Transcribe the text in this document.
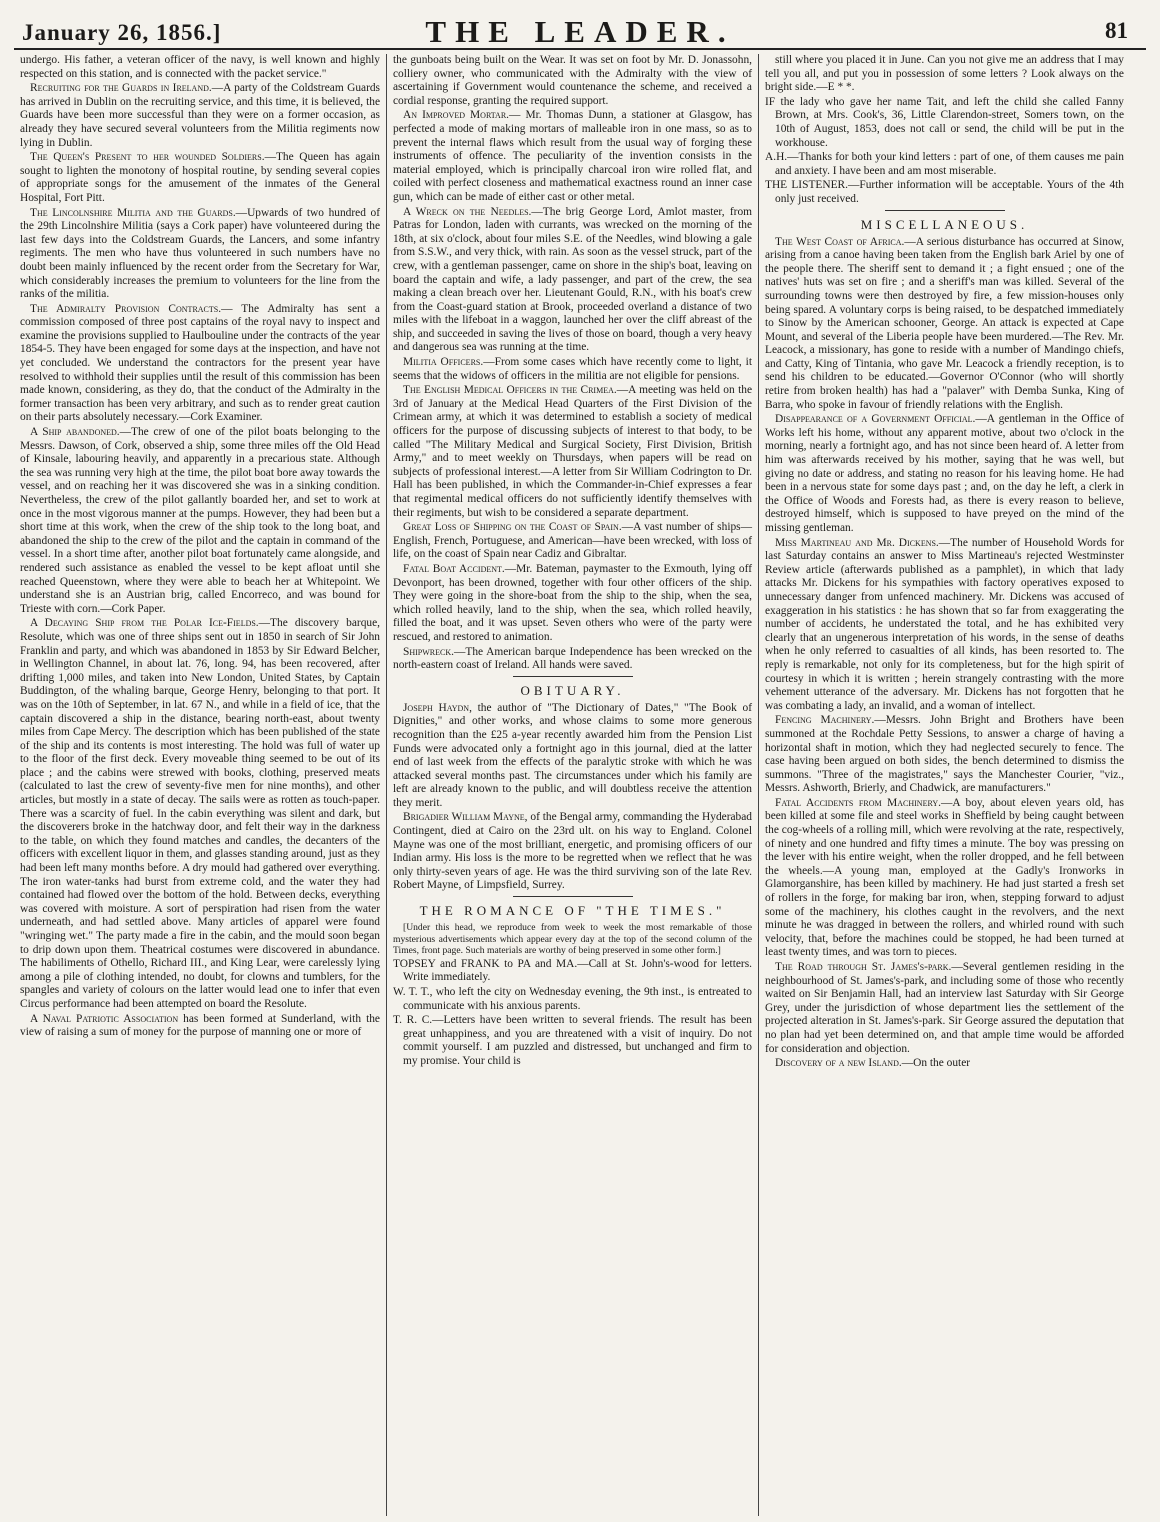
January 26, 1856.]	THE LEADER.	81

undergo. His father, a veteran officer of the navy, is well known and highly respected on this station, and is connected with the packet service."

Recruiting for the Guards in Ireland.—A party of the Coldstream Guards has arrived in Dublin on the recruiting service, and this time, it is believed, the Guards have been more successful than they were on a former occasion, as already they have secured several volunteers from the Militia regiments now lying in Dublin.

The Queen's Present to her wounded Soldiers.—The Queen has again sought to lighten the monotony of hospital routine, by sending several copies of appropriate songs for the amusement of the inmates of the General Hospital, Fort Pitt.

The Lincolnshire Militia and the Guards.—Upwards of two hundred of the 29th Lincolnshire Militia (says a Cork paper) have volunteered during the last few days into the Coldstream Guards, the Lancers, and some infantry regiments. The men who have thus volunteered in such numbers have no doubt been mainly influenced by the recent order from the Secretary for War, which considerably increases the premium to volunteers for the line from the ranks of the militia.

The Admiralty Provision Contracts.— The Admiralty has sent a commission composed of three post captains of the royal navy to inspect and examine the provisions supplied to Haulbouline under the contracts of the year 1854-5. They have been engaged for some days at the inspection, and have not yet concluded. We understand the contractors for the present year have resolved to withhold their supplies until the result of this commission has been made known, considering, as they do, that the conduct of the Admiralty in the former transaction has been very arbitrary, and such as to render great caution on their parts absolutely necessary.—Cork Examiner.

A Ship abandoned.—The crew of one of the pilot boats belonging to the Messrs. Dawson, of Cork, observed a ship, some three miles off the Old Head of Kinsale, labouring heavily, and apparently in a precarious state. Although the sea was running very high at the time, the pilot boat bore away towards the vessel, and on reaching her it was discovered she was in a sinking condition. Nevertheless, the crew of the pilot gallantly boarded her, and set to work at once in the most vigorous manner at the pumps. However, they had been but a short time at this work, when the crew of the ship took to the long boat, and abandoned the ship to the crew of the pilot and the captain in command of the vessel. In a short time after, another pilot boat fortunately came alongside, and rendered such assistance as enabled the vessel to be kept afloat until she reached Queenstown, where they were able to beach her at Whitepoint. We understand she is an Austrian brig, called Encorreco, and was bound for Trieste with corn.—Cork Paper.

A Decaying Ship from the Polar Ice-Fields.—The discovery barque, Resolute, which was one of three ships sent out in 1850 in search of Sir John Franklin and party, and which was abandoned in 1853 by Sir Edward Belcher, in Wellington Channel, in about lat. 76, long. 94, has been recovered, after drifting 1,000 miles, and taken into New London, United States, by Captain Buddington, of the whaling barque, George Henry, belonging to that port. It was on the 10th of September, in lat. 67 N., and while in a field of ice, that the captain discovered a ship in the distance, bearing north-east, about twenty miles from Cape Mercy. The description which has been published of the state of the ship and its contents is most interesting. The hold was full of water up to the floor of the first deck. Every moveable thing seemed to be out of its place ; and the cabins were strewed with books, clothing, preserved meats (calculated to last the crew of seventy-five men for nine months), and other articles, but mostly in a state of decay. The sails were as rotten as touch-paper. There was a scarcity of fuel. In the cabin everything was silent and dark, but the discoverers broke in the hatchway door, and felt their way in the darkness to the table, on which they found matches and candles, the decanters of the officers with excellent liquor in them, and glasses standing around, just as they had been left many months before. A dry mould had gathered over everything. The iron water-tanks had burst from extreme cold, and the water they had contained had flowed over the bottom of the hold. Between decks, everything was covered with moisture. A sort of perspiration had risen from the water underneath, and had settled above. Many articles of apparel were found "wringing wet." The party made a fire in the cabin, and the mould soon began to drip down upon them. Theatrical costumes were discovered in abundance. The habiliments of Othello, Richard III., and King Lear, were carelessly lying among a pile of clothing intended, no doubt, for clowns and tumblers, for the spangles and variety of colours on the latter would lead one to infer that even Circus performance had been attempted on board the Resolute.

A Naval Patriotic Association has been formed at Sunderland, with the view of raising a sum of money for the purpose of manning one or more of

the gunboats being built on the Wear. It was set on foot by Mr. D. Jonassohn, colliery owner, who communicated with the Admiralty with the view of ascertaining if Government would countenance the scheme, and received a cordial response, granting the required support.

An Improved Mortar.— Mr. Thomas Dunn, a stationer at Glasgow, has perfected a mode of making mortars of malleable iron in one mass, so as to prevent the internal flaws which result from the usual way of forging these instruments of offence. The peculiarity of the invention consists in the material employed, which is principally charcoal iron wire rolled flat, and coiled with perfect closeness and mathematical exactness round an inner case gun, which can be made of either cast or other metal.

A Wreck on the Needles.—The brig George Lord, Amlot master, from Patras for London, laden with currants, was wrecked on the morning of the 18th, at six o'clock, about four miles S.E. of the Needles, wind blowing a gale from S.S.W., and very thick, with rain. As soon as the vessel struck, part of the crew, with a gentleman passenger, came on shore in the ship's boat, leaving on board the captain and wife, a lady passenger, and part of the crew, the sea making a clean breach over her. Lieutenant Gould, R.N., with his boat's crew from the Coast-guard station at Brook, proceeded overland a distance of two miles with the lifeboat in a waggon, launched her over the cliff abreast of the ship, and succeeded in saving the lives of those on board, though a very heavy and dangerous sea was running at the time.

Militia Officers.—From some cases which have recently come to light, it seems that the widows of officers in the militia are not eligible for pensions.

The English Medical Officers in the Crimea.—A meeting was held on the 3rd of January at the Medical Head Quarters of the First Division of the Crimean army, at which it was determined to establish a society of medical officers for the purpose of discussing subjects of interest to that body, to be called "The Military Medical and Surgical Society, First Division, British Army," and to meet weekly on Thursdays, when papers will be read on subjects of professional interest.—A letter from Sir William Codrington to Dr. Hall has been published, in which the Commander-in-Chief expresses a fear that regimental medical officers do not sufficiently identify themselves with their regiments, but wish to be considered a separate department.

Great Loss of Shipping on the Coast of Spain.—A vast number of ships—English, French, Portuguese, and American—have been wrecked, with loss of life, on the coast of Spain near Cadiz and Gibraltar.

Fatal Boat Accident.—Mr. Bateman, paymaster to the Exmouth, lying off Devonport, has been drowned, together with four other officers of the ship. They were going in the shore-boat from the ship to the ship, when the sea, which rolled heavily, land to the ship, when the sea, which rolled heavily, filled the boat, and it was upset. Seven others who were of the party were rescued, and restored to animation.

Shipwreck.—The American barque Independence has been wrecked on the north-eastern coast of Ireland. All hands were saved.

OBITUARY.

Joseph Haydn, the author of "The Dictionary of Dates," "The Book of Dignities," and other works, and whose claims to some more generous recognition than the £25 a-year recently awarded him from the Pension List Funds were advocated only a fortnight ago in this journal, died at the latter end of last week from the effects of the paralytic stroke with which he was attacked several months past. The circumstances under which his family are left are already known to the public, and will doubtless receive the attention they merit.

Brigadier William Mayne, of the Bengal army, commanding the Hyderabad Contingent, died at Cairo on the 23rd ult. on his way to England. Colonel Mayne was one of the most brilliant, energetic, and promising officers of our Indian army. His loss is the more to be regretted when we reflect that he was only thirty-seven years of age. He was the third surviving son of the late Rev. Robert Mayne, of Limpsfield, Surrey.

THE ROMANCE OF "THE TIMES."

[Under this head, we reproduce from week to week the most remarkable of those mysterious advertisements which appear every day at the top of the second column of the Times, front page. Such materials are worthy of being preserved in some other form.]

TOPSEY and FRANK to PA and MA.—Call at St. John's-wood for letters. Write immediately.

W. T. T., who left the city on Wednesday evening, the 9th inst., is entreated to communicate with his anxious parents.

T. R. C.—Letters have been written to several friends. The result has been great unhappiness, and you are threatened with a visit of inquiry. Do not commit yourself. I am puzzled and distressed, but unchanged and firm to my promise. Your child is

still where you placed it in June. Can you not give me an address that I may tell you all, and put you in possession of some letters ? Look always on the bright side.—E * *.

IF the lady who gave her name Tait, and left the child she called Fanny Brown, at Mrs. Cook's, 36, Little Clarendon-street, Somers town, on the 10th of August, 1853, does not call or send, the child will be put in the workhouse.

A.H.—Thanks for both your kind letters : part of one, of them causes me pain and anxiety. I have been and am most miserable.

THE LISTENER.—Further information will be acceptable. Yours of the 4th only just received.

MISCELLANEOUS.

The West Coast of Africa.—A serious disturbance has occurred at Sinow, arising from a canoe having been taken from the English bark Ariel by one of the people there. The sheriff sent to demand it ; a fight ensued ; one of the natives' huts was set on fire ; and a sheriff's man was killed. Several of the surrounding towns were then destroyed by fire, a few mission-houses only being spared. A voluntary corps is being raised, to be despatched immediately to Sinow by the American schooner, George. An attack is expected at Cape Mount, and several of the Liberia people have been murdered.—The Rev. Mr. Leacock, a missionary, has gone to reside with a number of Mandingo chiefs, and Catty, King of Tintania, who gave Mr. Leacock a friendly reception, is to send his children to be educated.—Governor O'Connor (who will shortly retire from broken health) has had a "palaver" with Demba Sunka, King of Barra, who spoke in favour of friendly relations with the English.

Disappearance of a Government Official.—A gentleman in the Office of Works left his home, without any apparent motive, about two o'clock in the morning, nearly a fortnight ago, and has not since been heard of. A letter from him was afterwards received by his mother, saying that he was well, but giving no date or address, and stating no reason for his leaving home. He had been in a nervous state for some days past ; and, on the day he left, a clerk in the Office of Woods and Forests had, as there is every reason to believe, destroyed himself, which is supposed to have preyed on the mind of the missing gentleman.

Miss Martineau and Mr. Dickens.—The number of Household Words for last Saturday contains an answer to Miss Martineau's rejected Westminster Review article (afterwards published as a pamphlet), in which that lady attacks Mr. Dickens for his sympathies with factory operatives exposed to unnecessary danger from unfenced machinery. Mr. Dickens was accused of exaggeration in his statistics : he has shown that so far from exaggerating the number of accidents, he understated the total, and he has exhibited very clearly that an ungenerous interpretation of his words, in the sense of deaths when he only referred to casualties of all kinds, has been resorted to. The reply is remarkable, not only for its completeness, but for the high spirit of courtesy in which it is written ; herein strangely contrasting with the more vehement utterance of the adversary. Mr. Dickens has not forgotten that he was combating a lady, an invalid, and a woman of intellect.

Fencing Machinery.—Messrs. John Bright and Brothers have been summoned at the Rochdale Petty Sessions, to answer a charge of having a horizontal shaft in motion, which they had neglected securely to fence. The case having been argued on both sides, the bench determined to dismiss the summons. "Three of the magistrates," says the Manchester Courier, "viz., Messrs. Ashworth, Brierly, and Chadwick, are manufacturers."

Fatal Accidents from Machinery.—A boy, about eleven years old, has been killed at some file and steel works in Sheffield by being caught between the cog-wheels of a rolling mill, which were revolving at the rate, respectively, of ninety and one hundred and fifty times a minute. The boy was pressing on the lever with his entire weight, when the roller dropped, and he fell between the wheels.—A young man, employed at the Gadly's Ironworks in Glamorganshire, has been killed by machinery. He had just started a fresh set of rollers in the forge, for making bar iron, when, stepping forward to adjust some of the machinery, his clothes caught in the revolvers, and the next minute he was dragged in between the rollers, and whirled round with such velocity, that, before the machines could be stopped, he had been turned at least twenty times, and was torn to pieces.

The Road through St. James's-park.—Several gentlemen residing in the neighbourhood of St. James's-park, and including some of those who recently waited on Sir Benjamin Hall, had an interview last Saturday with Sir George Grey, under the jurisdiction of whose department lies the settlement of the projected alteration in St. James's-park. Sir George assured the deputation that no plan had yet been determined on, and that ample time would be afforded for consideration and objection.

Discovery of a new Island.—On the outer
